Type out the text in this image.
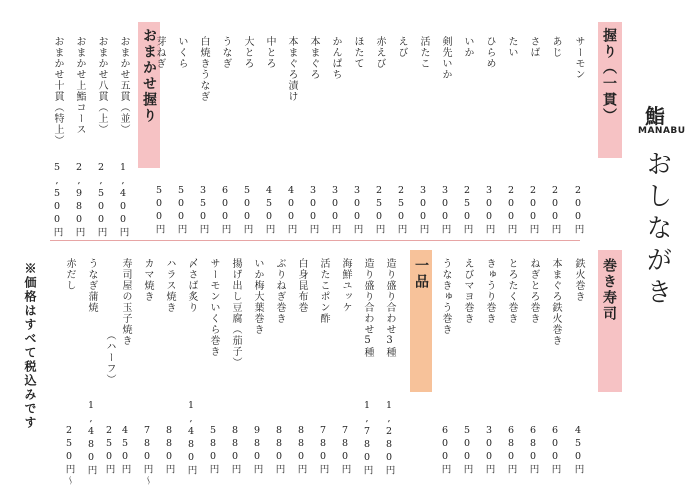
鮨
MANABU
おしながき
握り（一貫）
おまかせ握り
巻き寿司
一品
サーモン
あじ
さば
たい
ひらめ
いか
剣先いか
活たこ
えび
赤えび
ほたて
かんぱち
本まぐろ
本まぐろ漬け
中とろ
大とろ
うなぎ
白焼きうなぎ
いくら
芽ねぎ
200円
200円
200円
200円
300円
250円
300円
300円
250円
250円
300円
300円
300円
400円
450円
500円
600円
350円
500円
500円
おまかせ五貫（並）
おまかせ八貫（上）
おまかせ上鮨コース
おまかせ十貫（特上）
1,400円
2,500円
2,980円
5,500円
鉄火巻き
本まぐろ鉄火巻き
ねぎとろ巻き
とろたく巻き
きゅうり巻き
えびマヨ巻き
うなきゅう巻き
450円
600円
680円
680円
300円
500円
600円
造り盛り合わせ3種
造り盛り合わせ5種
海鮮ユッケ
活たこポン酢
白身昆布巻
ぶりねぎ巻き
いか梅大葉巻き
揚げ出し豆腐（茄子）
サーモンいくら巻き
〆さば炙り
ハラス焼き
カマ焼き
寿司屋の玉子焼き
（ハーフ）
うなぎ蒲焼
赤だし
1,280円
1,780円
780円
780円
880円
880円
980円
880円
580円
1,480円
880円
780円〜
450円
250円
1,480円
250円〜
※価格はすべて税込みです
